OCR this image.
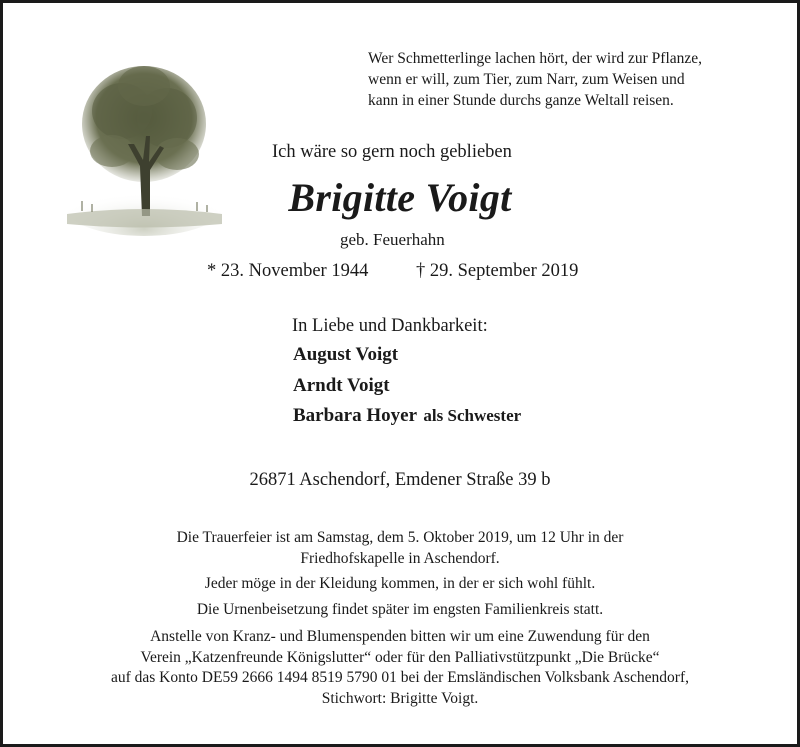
Wer Schmetterlinge lachen hört, der wird zur Pflanze,
wenn er will, zum Tier, zum Narr, zum Weisen und
kann in einer Stunde durchs ganze Weltall reisen.
Ich wäre so gern noch geblieben
Brigitte Voigt
geb. Feuerhahn
* 23. November 1944	† 29. September 2019
In Liebe und Dankbarkeit:
August Voigt
Arndt Voigt
Barbara Hoyer als Schwester
26871 Aschendorf, Emdener Straße 39 b
Die Trauerfeier ist am Samstag, dem 5. Oktober 2019, um 12 Uhr in der
Friedhofskapelle in Aschendorf.
Jeder möge in der Kleidung kommen, in der er sich wohl fühlt.
Die Urnenbeisetzung findet später im engsten Familienkreis statt.
Anstelle von Kranz- und Blumenspenden bitten wir um eine Zuwendung für den
Verein „Katzenfreunde Königslutter“ oder für den Palliativstützpunkt „Die Brücke“
auf das Konto DE59 2666 1494 8519 5790 01 bei der Emsländischen Volksbank Aschendorf,
Stichwort: Brigitte Voigt.
